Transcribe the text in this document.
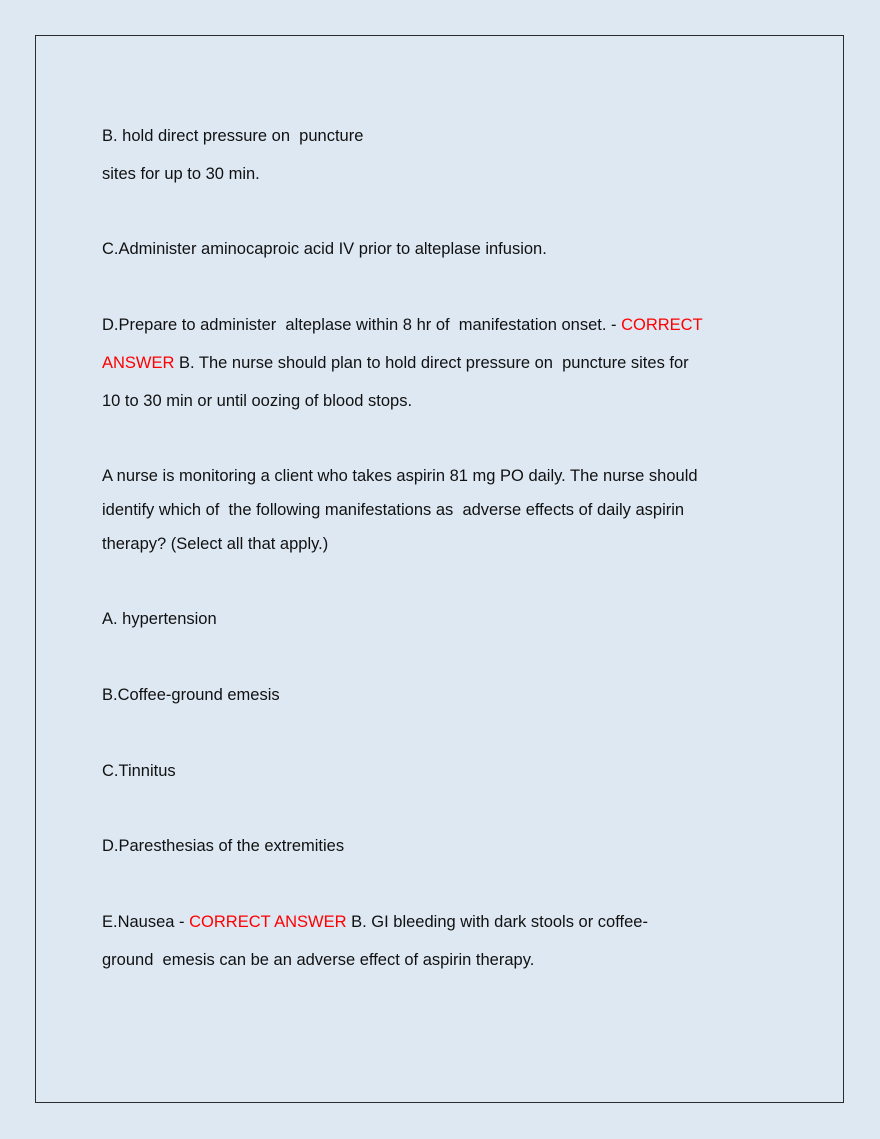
B. hold direct pressure on  puncture

sites for up to 30 min.

C.Administer aminocaproic acid IV prior to alteplase infusion.

D.Prepare to administer  alteplase within 8 hr of  manifestation onset. - CORRECT

ANSWER B. The nurse should plan to hold direct pressure on  puncture sites for

10 to 30 min or until oozing of blood stops.

A nurse is monitoring a client who takes aspirin 81 mg PO daily. The nurse should

identify which of  the following manifestations as  adverse effects of daily aspirin

therapy? (Select all that apply.)

A. hypertension

B.Coffee-ground emesis

C.Tinnitus

D.Paresthesias of the extremities

E.Nausea - CORRECT ANSWER B. GI bleeding with dark stools or coffee-

ground  emesis can be an adverse effect of aspirin therapy.
